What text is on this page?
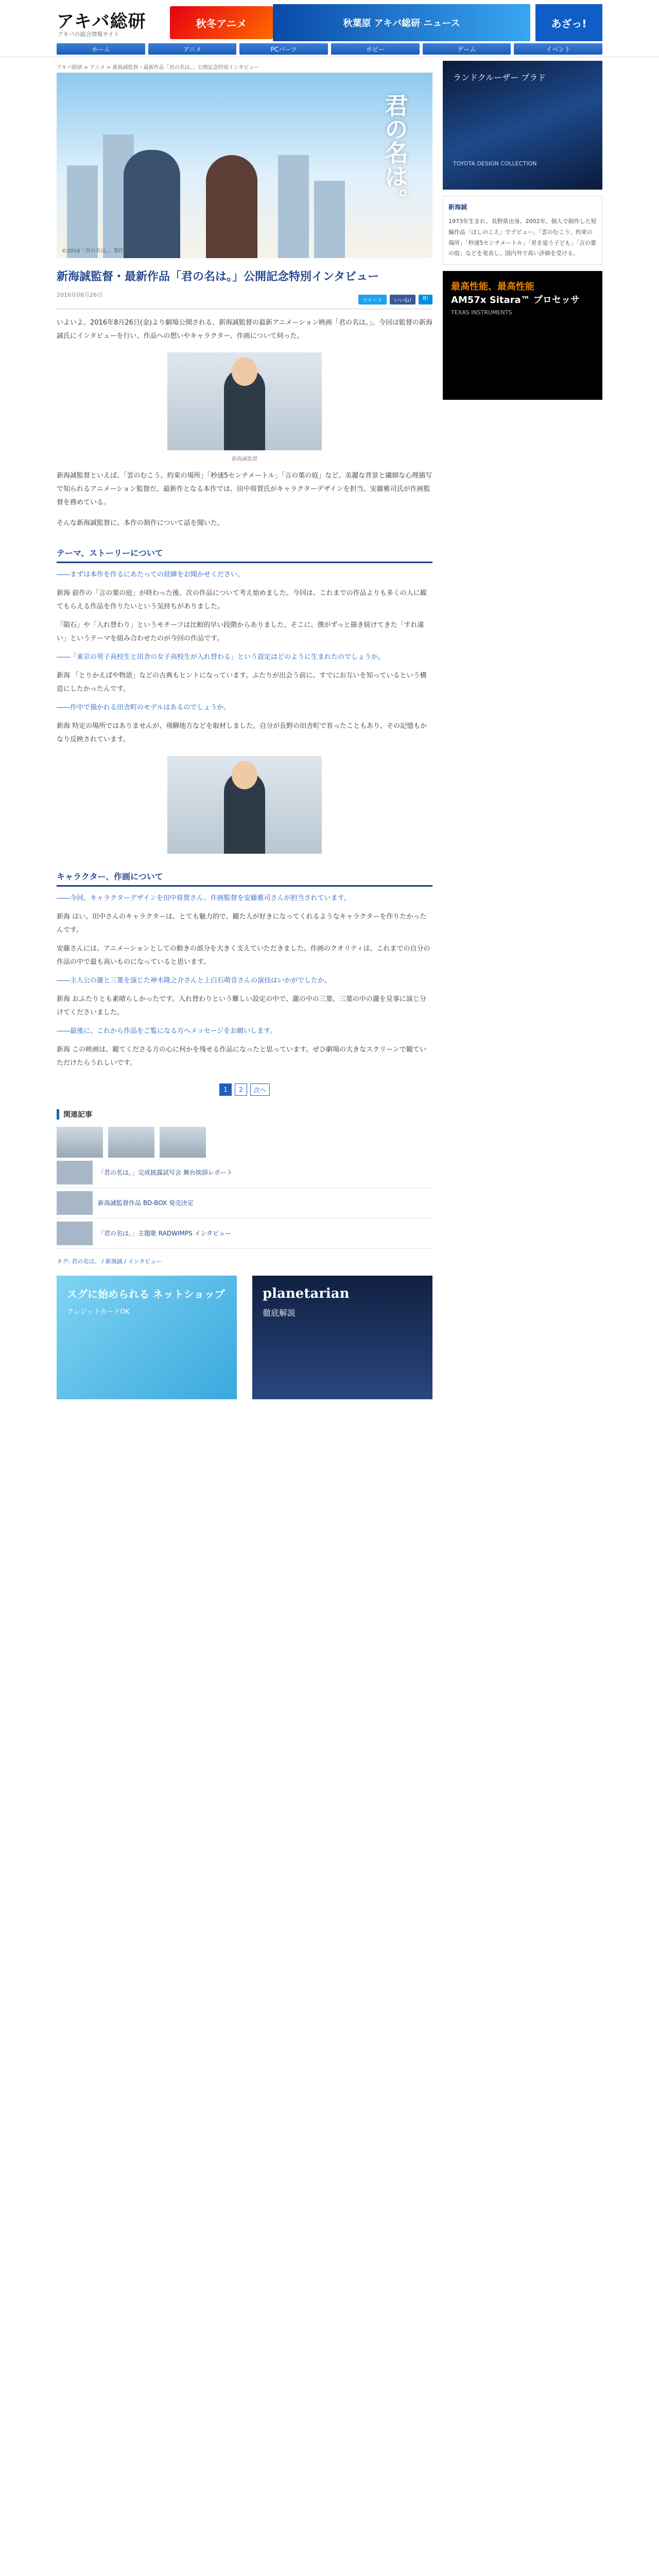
アキバ総研
アキバの総合情報サイト
秋冬アニメ	秋葉原 アキバ総研 ニュース	あざっ!
ホーム	アニメ	PCパーツ	ホビー	ゲーム	イベント
アキバ総研 > アニメ > 新海誠監督・最新作品「君の名は。」公開記念特別インタビュー
君の名は。
©2016「君の名は。」製作委員会
新海誠監督・最新作品「君の名は。」公開記念特別インタビュー
2016年08月26日
ツイート	いいね!	B!

いよいよ、2016年8月26日(金)より劇場公開される、新海誠監督の最新アニメーション映画「君の名は。」。今回は監督の新海誠氏にインタビューを行い、作品への想いやキャラクター、作画について伺った。

新海誠監督

新海誠監督といえば、「雲のむこう、約束の場所」「秒速5センチメートル」「言の葉の庭」など、美麗な背景と繊細な心理描写で知られるアニメーション監督だ。最新作となる本作では、田中将賀氏がキャラクターデザインを担当、安藤雅司氏が作画監督を務めている。

そんな新海誠監督に、本作の制作について話を聞いた。

テーマ、ストーリーについて

――まずは本作を作るにあたっての経緯をお聞かせください。

新海 前作の「言の葉の庭」が終わった後、次の作品について考え始めました。今回は、これまでの作品よりも多くの人に観てもらえる作品を作りたいという気持ちがありました。

「隕石」や「入れ替わり」というモチーフは比較的早い段階からありました。そこに、僕がずっと描き続けてきた「すれ違い」というテーマを組み合わせたのが今回の作品です。

――「東京の男子高校生と田舎の女子高校生が入れ替わる」という設定はどのように生まれたのでしょうか。

新海 「とりかえばや物語」などの古典もヒントになっています。ふたりが出会う前に、すでにお互いを知っているという構造にしたかったんです。

――作中で描かれる田舎町のモデルはあるのでしょうか。

新海 特定の場所ではありませんが、飛騨地方などを取材しました。自分が長野の田舎町で育ったこともあり、その記憶もかなり反映されています。

キャラクター、作画について

――今回、キャラクターデザインを田中将賀さん、作画監督を安藤雅司さんが担当されています。

新海 はい。田中さんのキャラクターは、とても魅力的で、観た人が好きになってくれるようなキャラクターを作りたかったんです。

安藤さんには、アニメーションとしての動きの部分を大きく支えていただきました。作画のクオリティは、これまでの自分の作品の中で最も高いものになっていると思います。

――主人公の瀧と三葉を演じた神木隆之介さんと上白石萌音さんの演技はいかがでしたか。

新海 おふたりとも素晴らしかったです。入れ替わりという難しい設定の中で、瀧の中の三葉、三葉の中の瀧を見事に演じ分けてくださいました。

――最後に、これから作品をご覧になる方へメッセージをお願いします。

新海 この映画は、観てくださる方の心に何かを残せる作品になったと思っています。ぜひ劇場の大きなスクリーンで観ていただけたらうれしいです。

1	2	次へ
関連記事
「君の名は。」完成披露試写会 舞台挨拶レポート
新海誠監督作品 BD-BOX 発売決定
「君の名は。」主題歌 RADWIMPS インタビュー
タグ: 君の名は。 / 新海誠 / インタビュー
スグに始められる ネットショップ
クレジットカードOK
planetarian
徹底解説
ランドクルーザー プラド
TOYOTA DESIGN COLLECTION
新海誠
1973年生まれ、長野県出身。2002年、個人で制作した短編作品「ほしのこえ」でデビュー。「雲のむこう、約束の場所」「秒速5センチメートル」「星を追う子ども」「言の葉の庭」などを発表し、国内外で高い評価を受ける。
最高性能、最高性能
AM57x Sitara™ プロセッサ
TEXAS INSTRUMENTS
